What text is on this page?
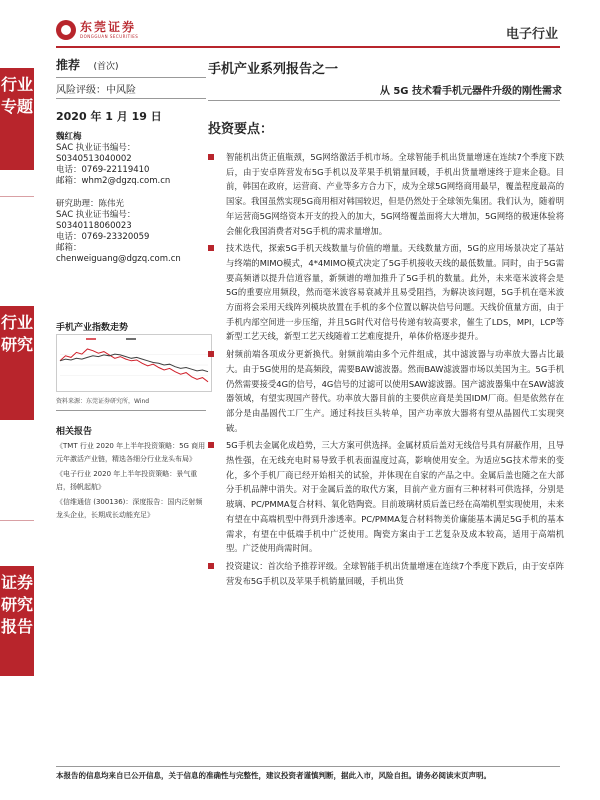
东莞证券
DONGGUAN SECURITIES	电子行业
行业专题
行业研究
证券研究报告
推荐 (首次)
风险评级：中风险
2020 年 1 月 19 日
魏红梅
SAC 执业证书编号：
S0340513040002
电话：0769-22119410
邮箱：whm2@dgzq.com.cn
研究助理：陈伟光
SAC 执业证书编号：
S0340118060023
电话：0769-23320059
邮箱：
chenweiguang@dgzq.com.cn
手机产业指数走势
资料来源：东莞证券研究所，Wind
相关报告
《TMT 行业 2020 年上半年投资策略：5G 商用元年激活产业链，精选各细分行业龙头布局》
《电子行业 2020 年上半年投资策略：景气重启，扬帆起航》
《信维通信 (300136)：深度报告：国内泛射频龙头企业，长期成长动能充足》
手机产业系列报告之一
从 5G 技术看手机元器件升级的刚性需求
投资要点：
智能机出货正值瓶颈，5G网络激活手机市场。全球智能手机出货量增速在连续7个季度下跌后，由于安卓阵营发布5G手机以及苹果手机销量回暖，手机出货量增速终于迎来企稳。目前，韩国在政府，运营商、产业等多方合力下，成为全球5G网络商用最早，覆盖程度最高的国家。我国虽然实现5G商用相对韩国较迟，但是仍然处于全球领先集团。我们认为，随着明年运营商5G网络资本开支的投入的加大，5G网络覆盖面将大大增加，5G网络的极速体验将会催化我国消费者对5G手机的需求量增加。
技术迭代，探索5G手机天线数量与价值的增量。天线数量方面，5G的应用场景决定了基站与终端的MIMO模式，4*4MIMO模式决定了5G手机接收天线的最低数量。同时，由于5G需要高频谱以提升信道容量，新频谱的增加推升了5G手机的数量。此外，未来毫米波将会是5G的重要应用频段，然而毫米波容易衰减并且易受阻挡，为解决该问题，5G手机在毫米波方面将会采用天线阵列模块放置在手机的多个位置以解决信号问题。天线价值量方面，由于手机内部空间进一步压缩，并且5G时代对信号传递有较高要求，催生了LDS，MPI，LCP等新型工艺天线，新型工艺天线随着工艺难度提升，单体价格逐步提升。
射频前端各项成分更新换代。射频前端由多个元件组成，其中滤波器与功率放大器占比最大。由于5G使用的是高频段，需要BAW滤波器。然而BAW滤波器市场以美国为主。5G手机仍然需要接受4G的信号，4G信号的过滤可以使用SAW滤波器。国产滤波器集中在SAW滤波器领域，有望实现国产替代。功率放大器目前的主要供应商是美国IDM厂商。但是依然存在部分是由晶圆代工厂生产。通过科技巨头转单，国产功率放大器将有望从晶圆代工实现突破。
5G手机去金属化成趋势，三大方案可供选择。金属材质后盖对无线信号具有屏蔽作用，且导热性强，在无线充电时易导致手机表面温度过高，影响使用安全。为适应5G技术带来的变化，多个手机厂商已经开始相关的试验，并体现在自家的产品之中。金属后盖也随之在大部分手机品牌中消失。对于金属后盖的取代方案，目前产业方面有三种材料可供选择，分别是玻璃、PC/PMMA复合材料、氧化锆陶瓷。目前玻璃材质后盖已经在高端机型实现使用，未来有望在中高端机型中得到升渗透率。PC/PMMA复合材料物美价廉能基本满足5G手机的基本需求，有望在中低端手机中广泛使用。陶瓷方案由于工艺复杂及成本较高，适用于高端机型。广泛使用尚需时间。
投资建议：首次给予推荐评级。全球智能手机出货量增速在连续7个季度下跌后，由于安卓阵营发布5G手机以及苹果手机销量回暖，手机出货
本报告的信息均来自已公开信息，关于信息的准确性与完整性，建议投资者谨慎判断，据此入市，风险自担。请务必阅读末页声明。
